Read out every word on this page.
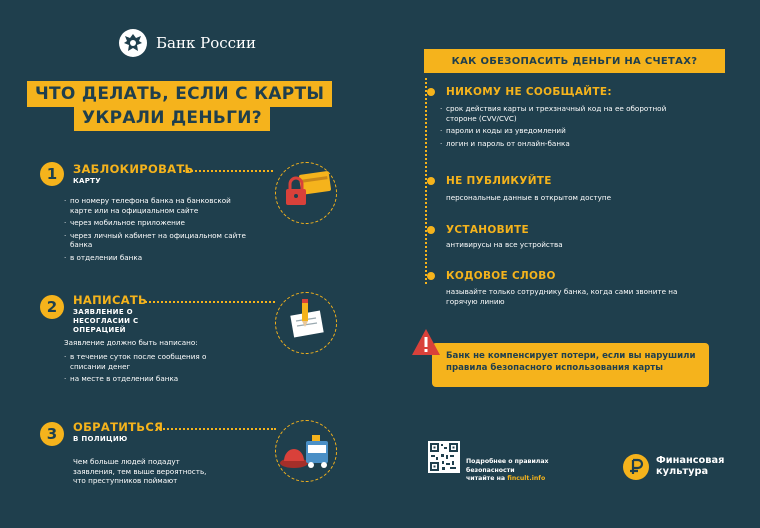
Банк России
ЧТО ДЕЛАТЬ, ЕСЛИ С КАРТЫ
УКРАЛИ ДЕНЬГИ?
1	ЗАБЛОКИРОВАТЬ
КАРТУ
· по номеру телефона банка на банковской карте или на официальном сайте
· через мобильное приложение
· через личный кабинет на официальном сайте банка
· в отделении банка
2	НАПИСАТЬ
ЗАЯВЛЕНИЕ О НЕСОГЛАСИИ С ОПЕРАЦИЕЙ
Заявление должно быть написано:
· в течение суток после сообщения о списании денег
· на месте в отделении банка
3	ОБРАТИТЬСЯ
В ПОЛИЦИЮ
Чем больше людей подадут заявления, тем выше вероятность, что преступников поймают
КАК ОБЕЗОПАСИТЬ ДЕНЬГИ НА СЧЕТАХ?
НИКОМУ НЕ СООБЩАЙТЕ:
· срок действия карты и трехзначный код на ее оборотной стороне (CVV/CVC)
· пароли и коды из уведомлений
· логин и пароль от онлайн-банка
НЕ ПУБЛИКУЙТЕ
персональные данные в открытом доступе
УСТАНОВИТЕ
антивирусы на все устройства
КОДОВОЕ СЛОВО
называйте только сотруднику банка, когда сами звоните на горячую линию
Банк не компенсирует потери, если вы нарушили правила безопасного использования карты
Подробнее о правилах безопасности
читайте на fincult.info
Финансовая
культура
